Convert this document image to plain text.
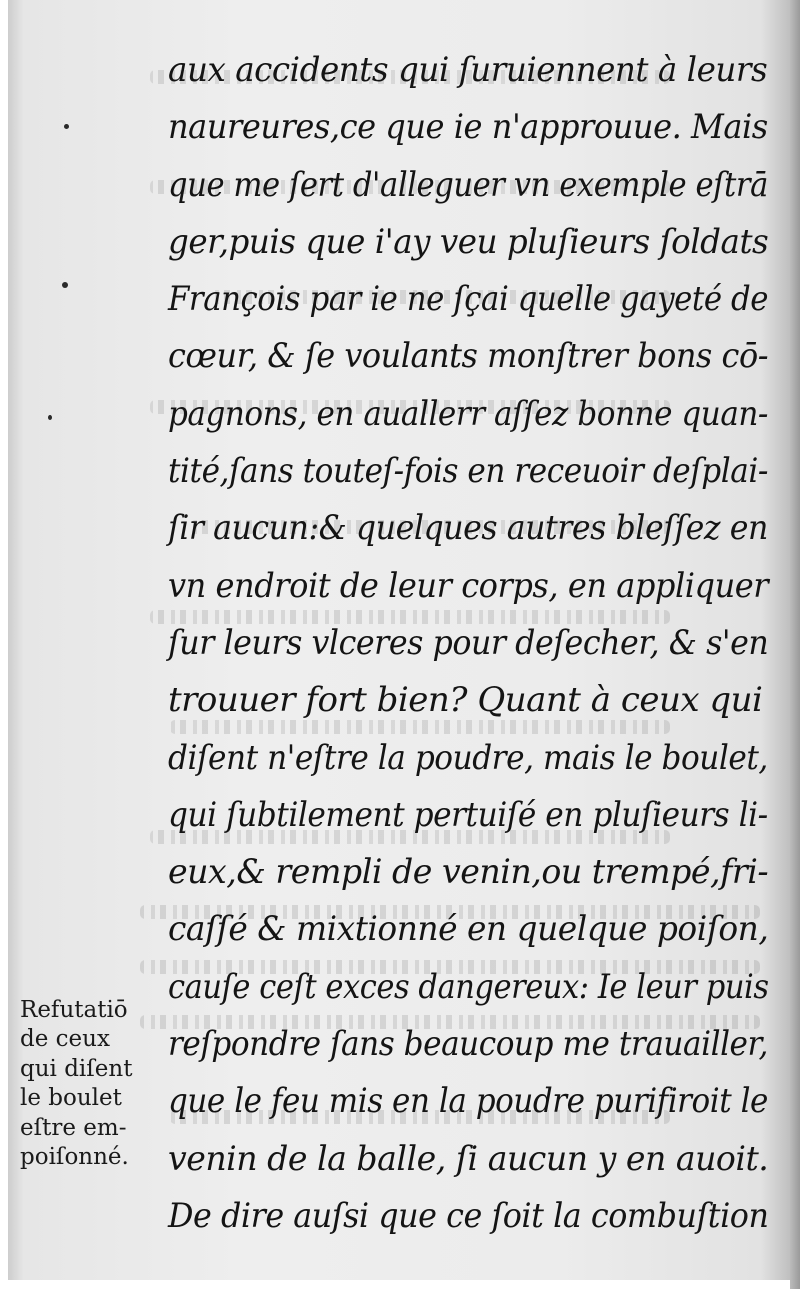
aux accidents qui ſuruiennent à leurs
naureures,ce que ie n'approuue. Mais
que me ſert d'alleguer vn exemple eſtrā
ger,puis que i'ay veu pluſieurs ſoldats
François par ie ne ſçai quelle gayeté de
cœur, & ſe voulants monſtrer bons cō-
pagnons, en auallerr aſſez bonne quan-
tité,ſans touteſ-fois en receuoir deſplai-
ſir aucun:& quelques autres bleſſez en
vn endroit de leur corps, en appliquer
ſur leurs vlceres pour deſecher, & s'en
trouuer fort bien? Quant à ceux qui
diſent n'eſtre la poudre, mais le boulet,
qui ſubtilement pertuiſé en pluſieurs li-
eux,& rempli de venin,ou trempé,fri-
caſſé & mixtionné en quelque poiſon,
cauſe ceſt exces dangereux: Ie leur puis
reſpondre ſans beaucoup me trauailler,
que le feu mis en la poudre purifiroit le
venin de la balle, ſi aucun y en auoit.
De dire auſsi que ce ſoit la combuſtion
Refutatiō
de ceux
qui diſent
le boulet
eſtre em-
poiſonné.
